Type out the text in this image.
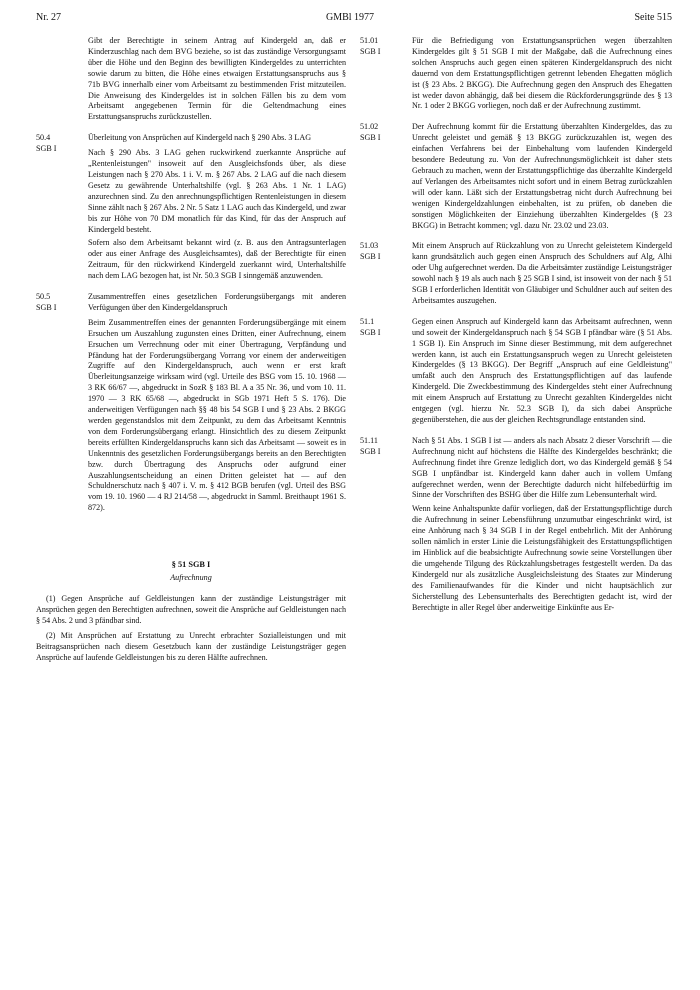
Nr. 27	GMBl 1977	Seite 515

Gibt der Berechtigte in seinem Antrag auf Kindergeld an, daß er Kinderzuschlag nach dem BVG beziehe, so ist das zuständige Versorgungsamt über die Höhe und den Beginn des bewilligten Kindergeldes zu unterrichten sowie darum zu bitten, die Höhe eines etwaigen Erstattungsanspruchs aus § 71b BVG innerhalb einer vom Arbeitsamt zu bestimmenden Frist mitzuteilen. Die Anweisung des Kindergeldes ist in solchen Fällen bis zu dem vom Arbeitsamt angegebenen Termin für die Geltendmachung eines Erstattungsanspruchs zurückzustellen.

50.4
SGB I

Überleitung von Ansprüchen auf Kindergeld nach § 290 Abs. 3 LAG

Nach § 290 Abs. 3 LAG gehen ruckwirkend zuerkannte Ansprüche auf „Rentenleistungen" insoweit auf den Ausgleichsfonds über, als diese Leistungen nach § 270 Abs. 1 i. V. m. § 267 Abs. 2 LAG auf die nach diesem Gesetz zu gewährende Unterhaltshilfe (vgl. § 263 Abs. 1 Nr. 1 LAG) anzurechnen sind. Zu den anrechnungspflichtigen Rentenleistungen in diesem Sinne zählt nach § 267 Abs. 2 Nr. 5 Satz 1 LAG auch das Kindergeld, und zwar bis zur Höhe von 70 DM monatlich für das Kind, für das der Anspruch auf Kindergeld besteht.

Sofern also dem Arbeitsamt bekannt wird (z. B. aus den Antragsunterlagen oder aus einer Anfrage des Ausgleichsamtes), daß der Berechtigte für einen Zeitraum, für den rückwirkend Kindergeld zuerkannt wird, Unterhaltshilfe nach dem LAG bezogen hat, ist Nr. 50.3 SGB I sinngemäß anzuwenden.

50.5
SGB I

Zusammentreffen eines gesetzlichen Forderungsübergangs mit anderen Verfügungen über den Kindergeldanspruch

Beim Zusammentreffen eines der genannten Forderungsübergänge mit einem Ersuchen um Auszahlung zugunsten eines Dritten, einer Aufrechnung, einem Ersuchen um Verrechnung oder mit einer Übertragung, Verpfändung und Pfändung hat der Forderungsübergang Vorrang vor einem der anderweitigen Zugriffe auf den Kindergeldanspruch, auch wenn er erst kraft Überleitungsanzeige wirksam wird (vgl. Urteile des BSG vom 15. 10. 1968 — 3 RK 66/67 —, abgedruckt in SozR § 183 Bl. A a 35 Nr. 36, und vom 10. 11. 1970 — 3 RK 65/68 —, abgedruckt in SGb 1971 Heft 5 S. 176). Die anderweitigen Verfügungen nach §§ 48 bis 54 SGB I und § 23 Abs. 2 BKGG werden gegenstandslos mit dem Zeitpunkt, zu dem das Arbeitsamt Kenntnis von dem Forderungsübergang erlangt. Hinsichtlich des zu diesem Zeitpunkt bereits erfüllten Kindergeldanspruchs kann sich das Arbeitsamt — soweit es in Unkenntnis des gesetzlichen Forderungsübergangs bereits an den Berechtigten bzw. durch Übertragung des Anspruchs oder aufgrund einer Auszahlungsentscheidung an einen Dritten geleistet hat — auf den Schuldnerschutz nach § 407 i. V. m. § 412 BGB berufen (vgl. Urteil des BSG vom 19. 10. 1960 — 4 RJ 214/58 —, abgedruckt in Samml. Breithaupt 1961 S. 872).

§ 51 SGB I
Aufrechnung

(1) Gegen Ansprüche auf Geldleistungen kann der zuständige Leistungsträger mit Ansprüchen gegen den Berechtigten aufrechnen, soweit die Ansprüche auf Geldleistungen nach § 54 Abs. 2 und 3 pfändbar sind.

(2) Mit Ansprüchen auf Erstattung zu Unrecht erbrachter Sozialleistungen und mit Beitragsansprüchen nach diesem Gesetzbuch kann der zuständige Leistungsträger gegen Ansprüche auf laufende Geldleistungen bis zu deren Hälfte aufrechnen.

51.01
SGB I

Für die Befriedigung von Erstattungsansprüchen wegen überzahlten Kindergeldes gilt § 51 SGB I mit der Maßgabe, daß die Aufrechnung eines solchen Anspruchs auch gegen einen späteren Kindergeldanspruch des nicht dauernd von dem Erstattungspflichtigen getrennt lebenden Ehegatten möglich ist (§ 23 Abs. 2 BKGG). Die Aufrechnung gegen den Anspruch des Ehegatten ist weder davon abhängig, daß bei diesem die Rückforderungsgründe des § 13 Nr. 1 oder 2 BKGG vorliegen, noch daß er der Aufrechnung zustimmt.

51.02
SGB I

Der Aufrechnung kommt für die Erstattung überzahlten Kindergeldes, das zu Unrecht geleistet und gemäß § 13 BKGG zurückzuzahlen ist, wegen des einfachen Verfahrens bei der Einbehaltung vom laufenden Kindergeld besondere Bedeutung zu. Von der Aufrechnungsmöglichkeit ist daher stets Gebrauch zu machen, wenn der Erstattungspflichtige das überzahlte Kindergeld auf Verlangen des Arbeitsamtes nicht sofort und in einem Betrag zurückzahlen will oder kann. Läßt sich der Erstattungsbetrag nicht durch Aufrechnung bei wenigen Kindergeldzahlungen einbehalten, ist zu prüfen, ob daneben die sonstigen Möglichkeiten der Einziehung überzahlten Kindergeldes (§ 23 BKGG) in Betracht kommen; vgl. dazu Nr. 23.02 und 23.03.

51.03
SGB I

Mit einem Anspruch auf Rückzahlung von zu Unrecht geleistetem Kindergeld kann grundsätzlich auch gegen einen Anspruch des Schuldners auf Alg, Alhi oder Uhg aufgerechnet werden. Da die Arbeitsämter zuständige Leistungsträger sowohl nach § 19 als auch nach § 25 SGB I sind, ist insoweit von der nach § 51 SGB I erforderlichen Identität von Gläubiger und Schuldner auch auf seiten des Arbeitsamtes auszugehen.

51.1
SGB I

Gegen einen Anspruch auf Kindergeld kann das Arbeitsamt aufrechnen, wenn und soweit der Kindergeldanspruch nach § 54 SGB I pfändbar wäre (§ 51 Abs. 1 SGB I). Ein Anspruch im Sinne dieser Bestimmung, mit dem aufgerechnet werden kann, ist auch ein Erstattungsanspruch wegen zu Unrecht geleisteten Kindergeldes (§ 13 BKGG). Der Begriff „Anspruch auf eine Geldleistung" umfaßt auch den Anspruch des Erstattungspflichtigen auf das laufende Kindergeld. Die Zweckbestimmung des Kindergeldes steht einer Aufrechnung mit einem Anspruch auf Erstattung zu Unrecht gezahlten Kindergeldes nicht entgegen (vgl. hierzu Nr. 52.3 SGB I), da sich dabei Ansprüche gegenüberstehen, die aus der gleichen Rechtsgrundlage entstanden sind.

51.11
SGB I

Nach § 51 Abs. 1 SGB I ist — anders als nach Absatz 2 dieser Vorschrift — die Aufrechnung nicht auf höchstens die Hälfte des Kindergeldes beschränkt; die Aufrechnung findet ihre Grenze lediglich dort, wo das Kindergeld gemäß § 54 SGB I unpfändbar ist. Kindergeld kann daher auch in vollem Umfang aufgerechnet werden, wenn der Berechtigte dadurch nicht hilfebedürftig im Sinne der Vorschriften des BSHG über die Hilfe zum Lebensunterhalt wird.

Wenn keine Anhaltspunkte dafür vorliegen, daß der Erstattungspflichtige durch die Aufrechnung in seiner Lebensführung unzumutbar eingeschränkt wird, ist eine Anhörung nach § 34 SGB I in der Regel entbehrlich. Mit der Anhörung sollen nämlich in erster Linie die Leistungsfähigkeit des Erstattungspflichtigen im Hinblick auf die beabsichtigte Aufrechnung sowie seine Vorstellungen über die umgehende Tilgung des Rückzahlungsbetrages festgestellt werden. Da das Kindergeld nur als zusätzliche Ausgleichsleistung des Staates zur Minderung des Familienaufwandes für die Kinder und nicht hauptsächlich zur Sicherstellung des Lebensunterhalts des Berechtigten gedacht ist, wird der Berechtigte in aller Regel über anderweitige Einkünfte aus Er-
